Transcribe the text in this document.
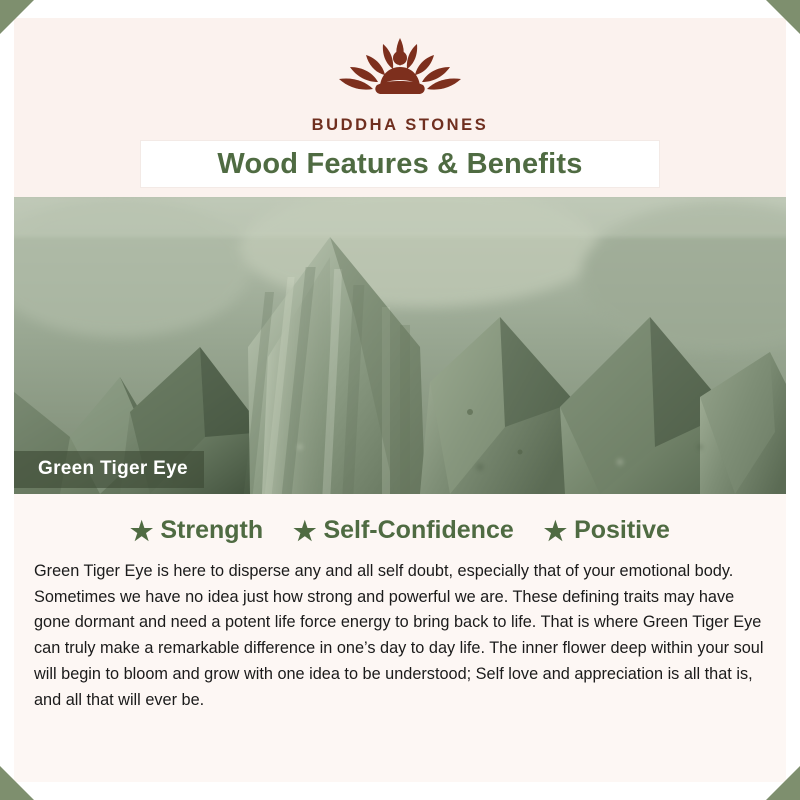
Green Tiger Eye
BUDDHA STONES
Wood Features & Benefits
★ Strength ★ Self-Confidence ★ Positive

Green Tiger Eye is here to disperse any and all self doubt, especially that of your emotional body. Sometimes we have no idea just how strong and powerful we are. These defining traits may have gone dormant and need a potent life force energy to bring back to life. That is where Green Tiger Eye can truly make a remarkable difference in one’s day to day life. The inner flower deep within your soul will begin to bloom and grow with one idea to be understood; Self love and appreciation is all that is, and all that will ever be.
